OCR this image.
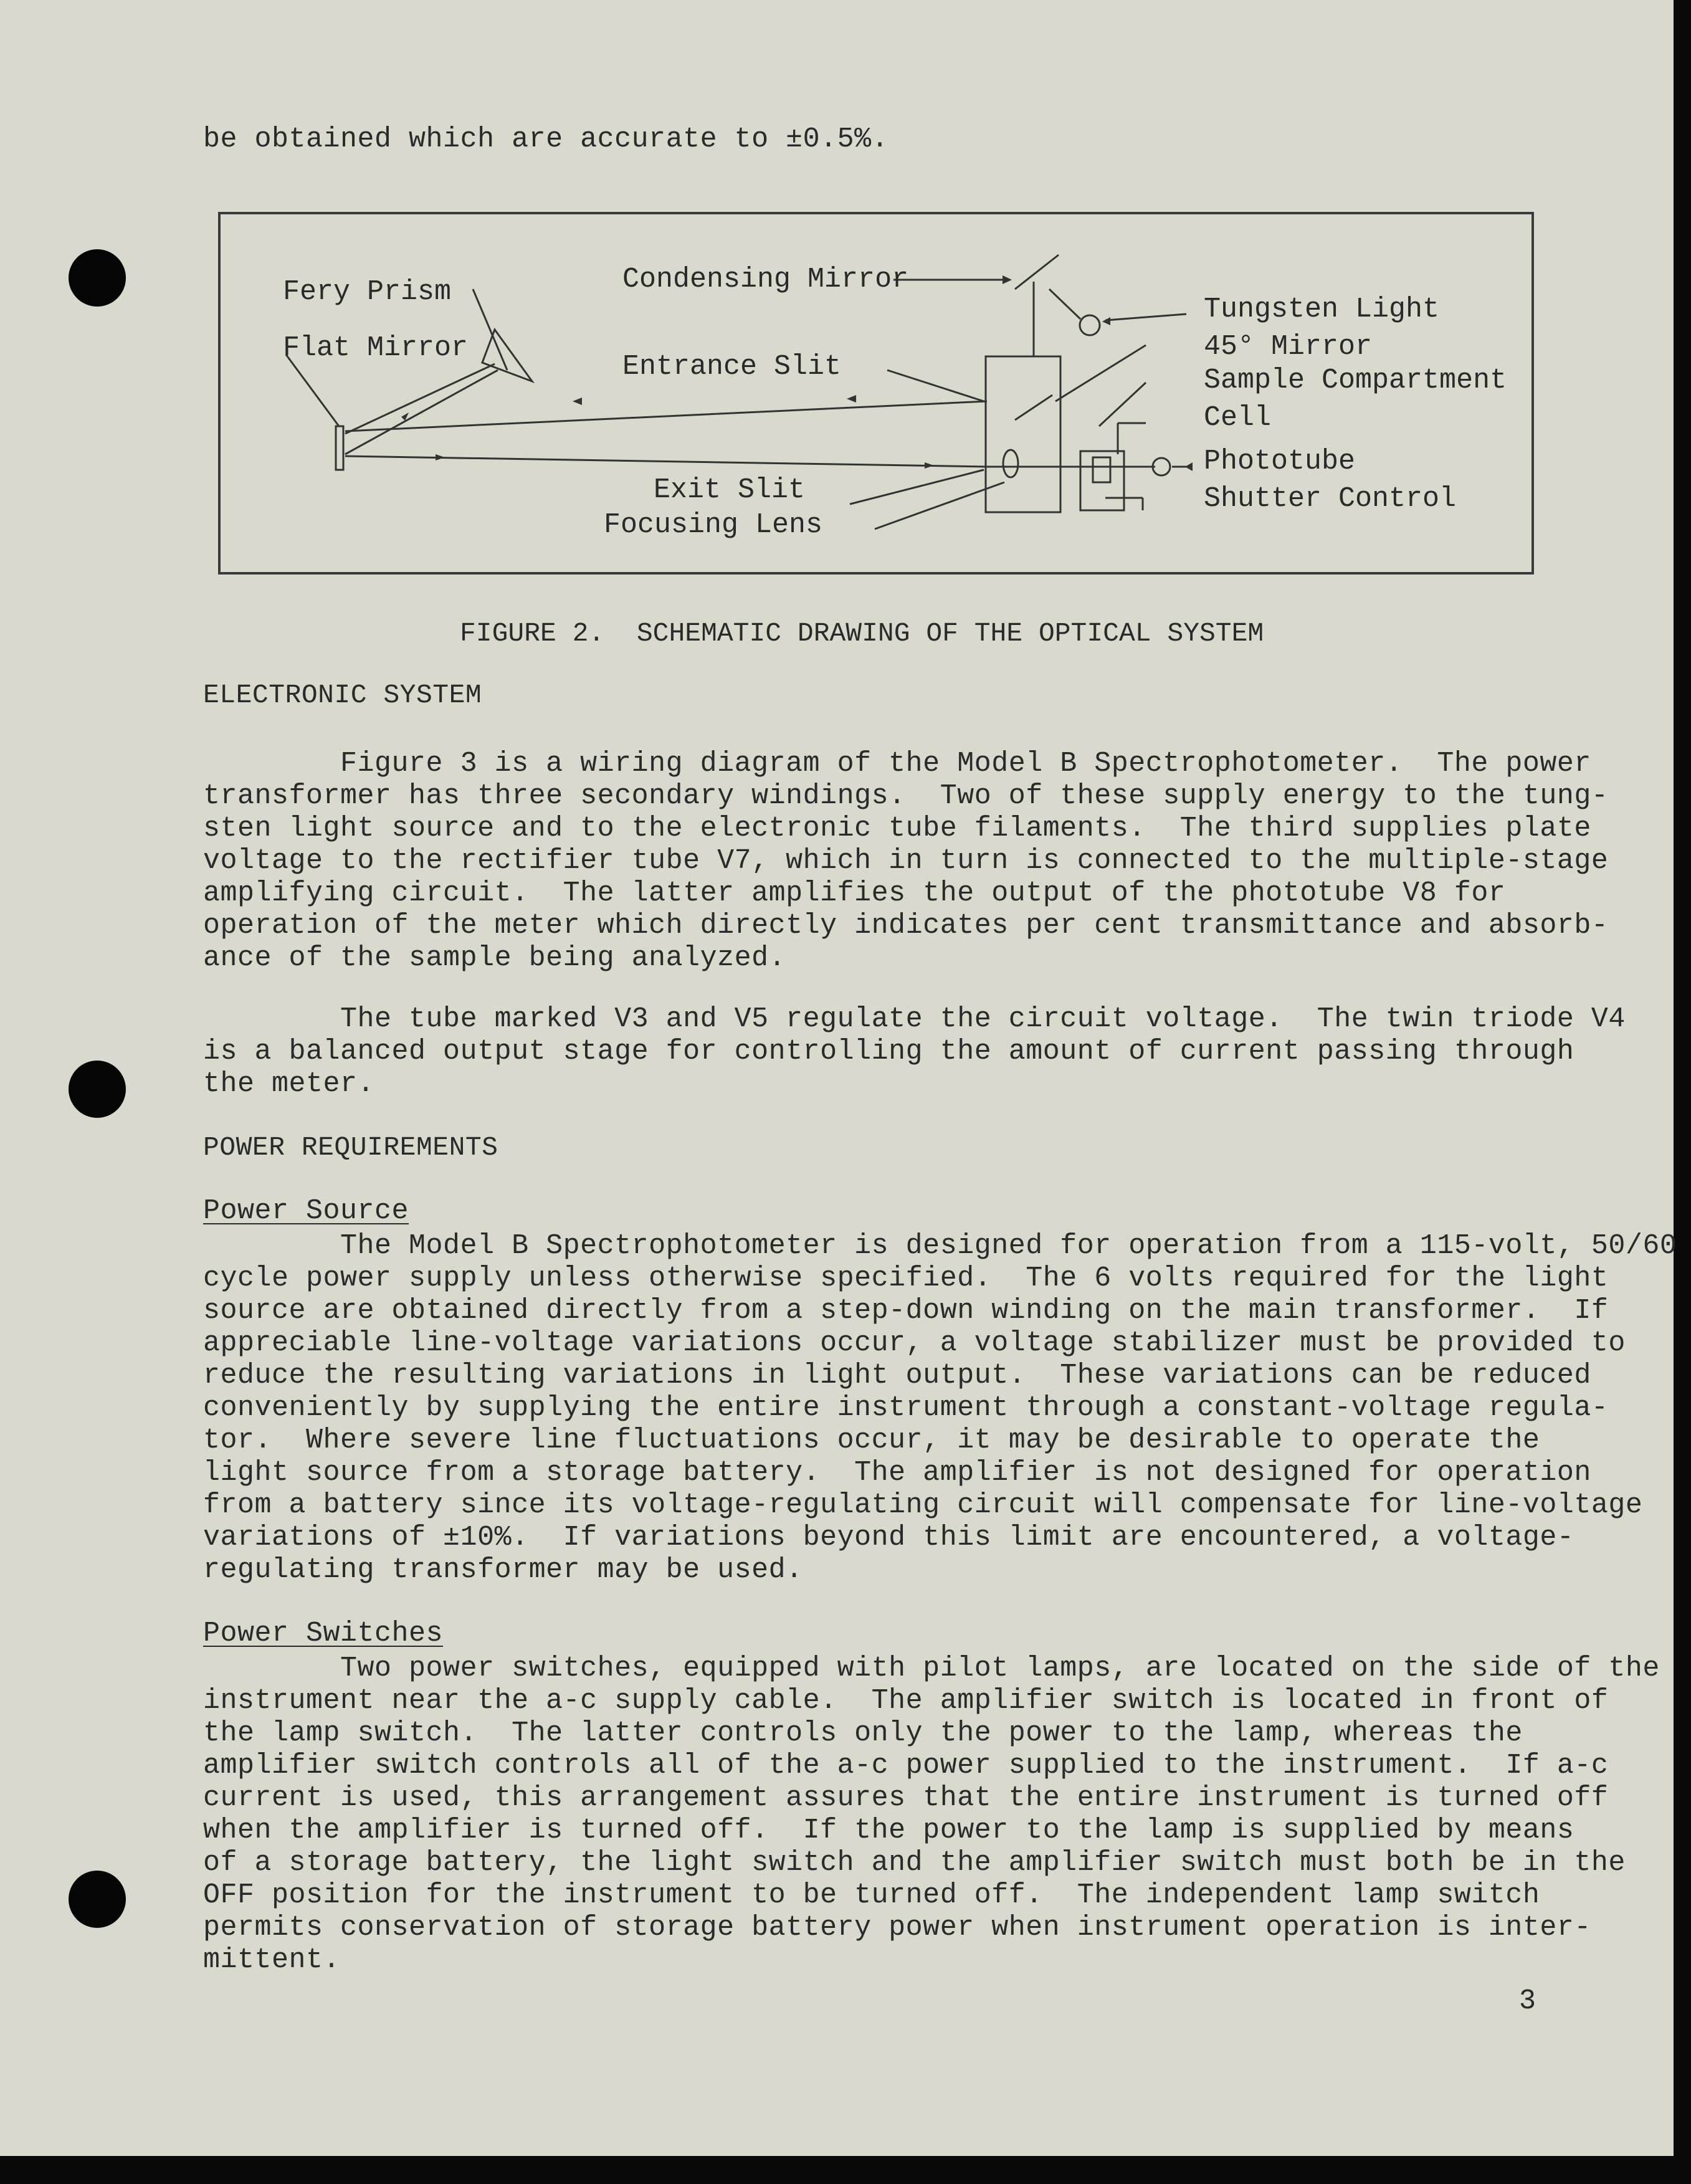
be obtained which are accurate to ±0.5%.
Fery Prism
Flat Mirror
Condensing Mirror
Entrance Slit
Exit Slit
Focusing Lens
Tungsten Light
45° Mirror
Sample Compartment
Cell
Phototube
Shutter Control
FIGURE 2.  SCHEMATIC DRAWING OF THE OPTICAL SYSTEM
ELECTRONIC SYSTEM
Figure 3 is a wiring diagram of the Model B Spectrophotometer.  The power
transformer has three secondary windings.  Two of these supply energy to the tung-
sten light source and to the electronic tube filaments.  The third supplies plate
voltage to the rectifier tube V7, which in turn is connected to the multiple-stage
amplifying circuit.  The latter amplifies the output of the phototube V8 for
operation of the meter which directly indicates per cent transmittance and absorb-
ance of the sample being analyzed.
The tube marked V3 and V5 regulate the circuit voltage.  The twin triode V4
is a balanced output stage for controlling the amount of current passing through
the meter.
POWER REQUIREMENTS
Power Source
The Model B Spectrophotometer is designed for operation from a 115-volt, 50/60
cycle power supply unless otherwise specified.  The 6 volts required for the light
source are obtained directly from a step-down winding on the main transformer.  If
appreciable line-voltage variations occur, a voltage stabilizer must be provided to
reduce the resulting variations in light output.  These variations can be reduced
conveniently by supplying the entire instrument through a constant-voltage regula-
tor.  Where severe line fluctuations occur, it may be desirable to operate the
light source from a storage battery.  The amplifier is not designed for operation
from a battery since its voltage-regulating circuit will compensate for line-voltage
variations of ±10%.  If variations beyond this limit are encountered, a voltage-
regulating transformer may be used.
Power Switches
Two power switches, equipped with pilot lamps, are located on the side of the
instrument near the a-c supply cable.  The amplifier switch is located in front of
the lamp switch.  The latter controls only the power to the lamp, whereas the
amplifier switch controls all of the a-c power supplied to the instrument.  If a-c
current is used, this arrangement assures that the entire instrument is turned off
when the amplifier is turned off.  If the power to the lamp is supplied by means
of a storage battery, the light switch and the amplifier switch must both be in the
OFF position for the instrument to be turned off.  The independent lamp switch
permits conservation of storage battery power when instrument operation is inter-
mittent.
3
